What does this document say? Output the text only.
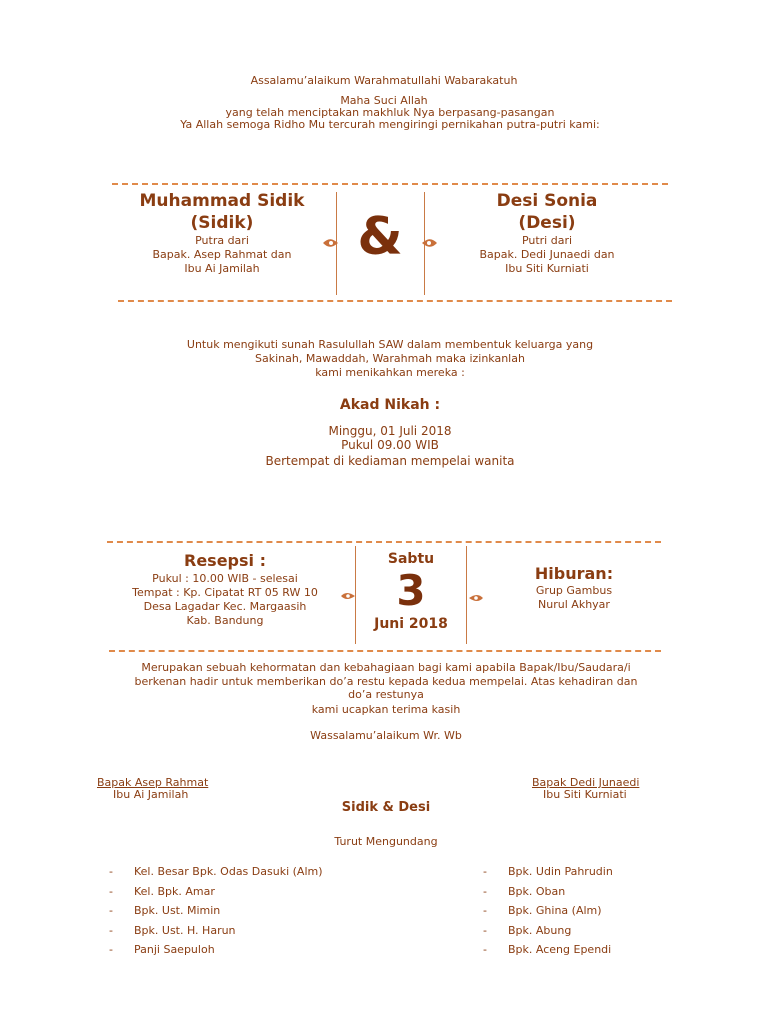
Assalamu’alaikum Warahmatullahi Wabarakatuh
Maha Suci Allah
yang telah menciptakan makhluk Nya berpasang-pasangan
Ya Allah semoga Ridho Mu tercurah mengiringi pernikahan putra-putri kami:
Muhammad Sidik
(Sidik)
Putra dari
Bapak. Asep Rahmat dan
Ibu Ai Jamilah
&
Desi Sonia
(Desi)
Putri dari
Bapak. Dedi Junaedi dan
Ibu Siti Kurniati
Untuk mengikuti sunah Rasulullah SAW dalam membentuk keluarga yang
Sakinah, Mawaddah, Warahmah maka izinkanlah
kami menikahkan mereka :
Akad Nikah :
Minggu, 01 Juli 2018
Pukul 09.00 WIB
Bertempat di kediaman mempelai wanita
Resepsi :
Pukul : 10.00 WIB - selesai
Tempat : Kp. Cipatat RT 05 RW 10
Desa Lagadar Kec. Margaasih
Kab. Bandung
Sabtu
3
Juni 2018
Hiburan:
Grup Gambus
Nurul Akhyar
Merupakan sebuah kehormatan dan kebahagiaan bagi kami apabila Bapak/Ibu/Saudara/i
berkenan hadir untuk memberikan do’a restu kepada kedua mempelai. Atas kehadiran dan
do’a restunya
kami ucapkan terima kasih
Wassalamu’alaikum Wr. Wb
Bapak Asep Rahmat
Ibu Ai Jamilah
Bapak Dedi Junaedi
Ibu Siti Kurniati
Sidik & Desi
Turut Mengundang
- Kel. Besar Bpk. Odas Dasuki (Alm)
- Kel. Bpk. Amar
- Bpk. Ust. Mimin
- Bpk. Ust. H. Harun
- Panji Saepuloh
- Bpk. Udin Pahrudin
- Bpk. Oban
- Bpk. Ghina (Alm)
- Bpk. Abung
- Bpk. Aceng Ependi
